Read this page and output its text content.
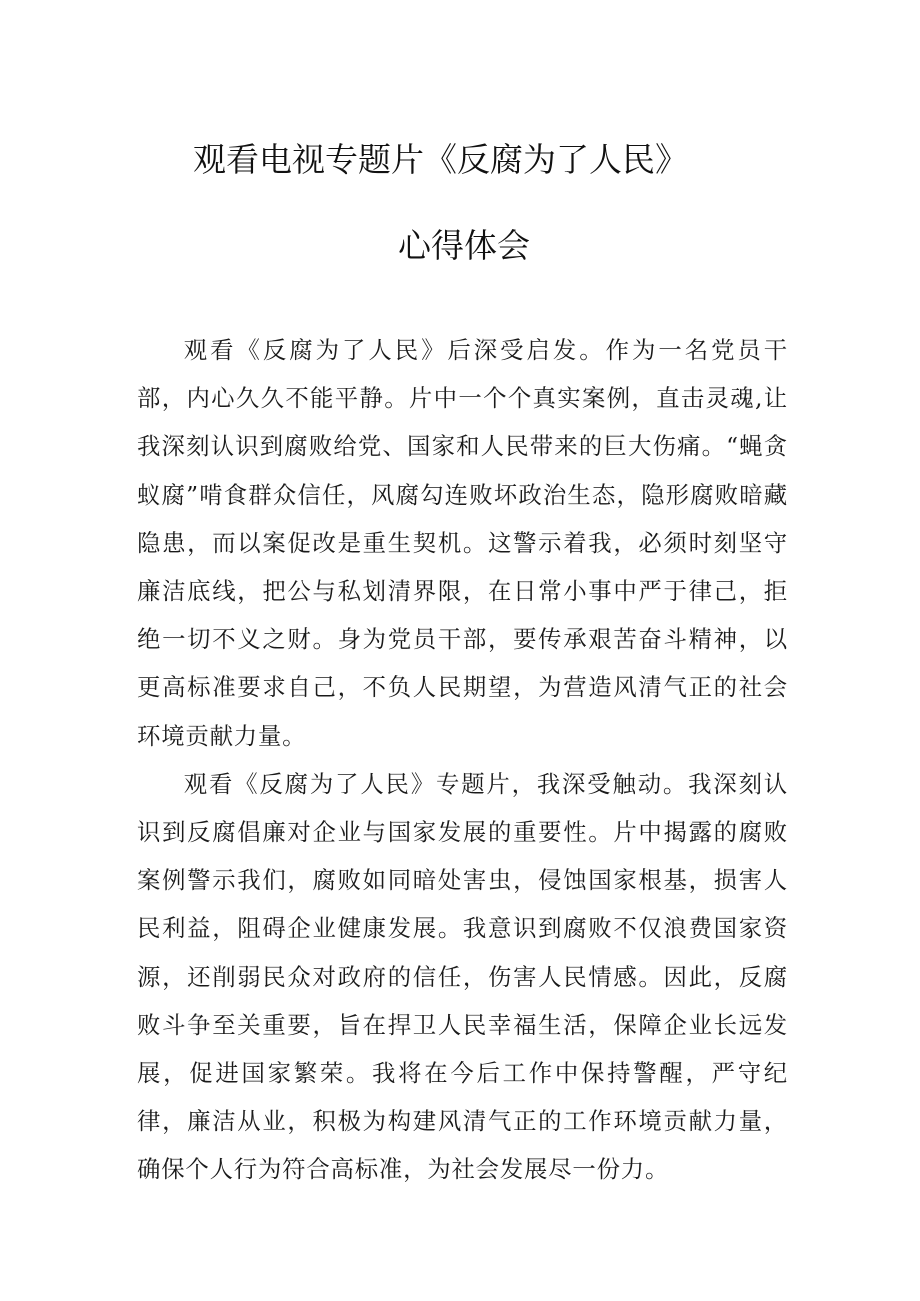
观看电视专题片《反腐为了人民》
心得体会

观看《反腐为了人民》后深受启发。作为一名党员干部，内心久久不能平静。片中一个个真实案例，直击灵魂,让我深刻认识到腐败给党、国家和人民带来的巨大伤痛。“蝇贪蚁腐”啃食群众信任，风腐勾连败坏政治生态，隐形腐败暗藏隐患，而以案促改是重生契机。这警示着我，必须时刻坚守廉洁底线，把公与私划清界限，在日常小事中严于律己，拒绝一切不义之财。身为党员干部，要传承艰苦奋斗精神，以更高标准要求自己，不负人民期望，为营造风清气正的社会环境贡献力量。

观看《反腐为了人民》专题片，我深受触动。我深刻认识到反腐倡廉对企业与国家发展的重要性。片中揭露的腐败案例警示我们，腐败如同暗处害虫，侵蚀国家根基，损害人民利益，阻碍企业健康发展。我意识到腐败不仅浪费国家资源，还削弱民众对政府的信任，伤害人民情感。因此，反腐败斗争至关重要，旨在捍卫人民幸福生活，保障企业长远发展，促进国家繁荣。我将在今后工作中保持警醒，严守纪律，廉洁从业，积极为构建风清气正的工作环境贡献力量，确保个人行为符合高标准，为社会发展尽一份力。
